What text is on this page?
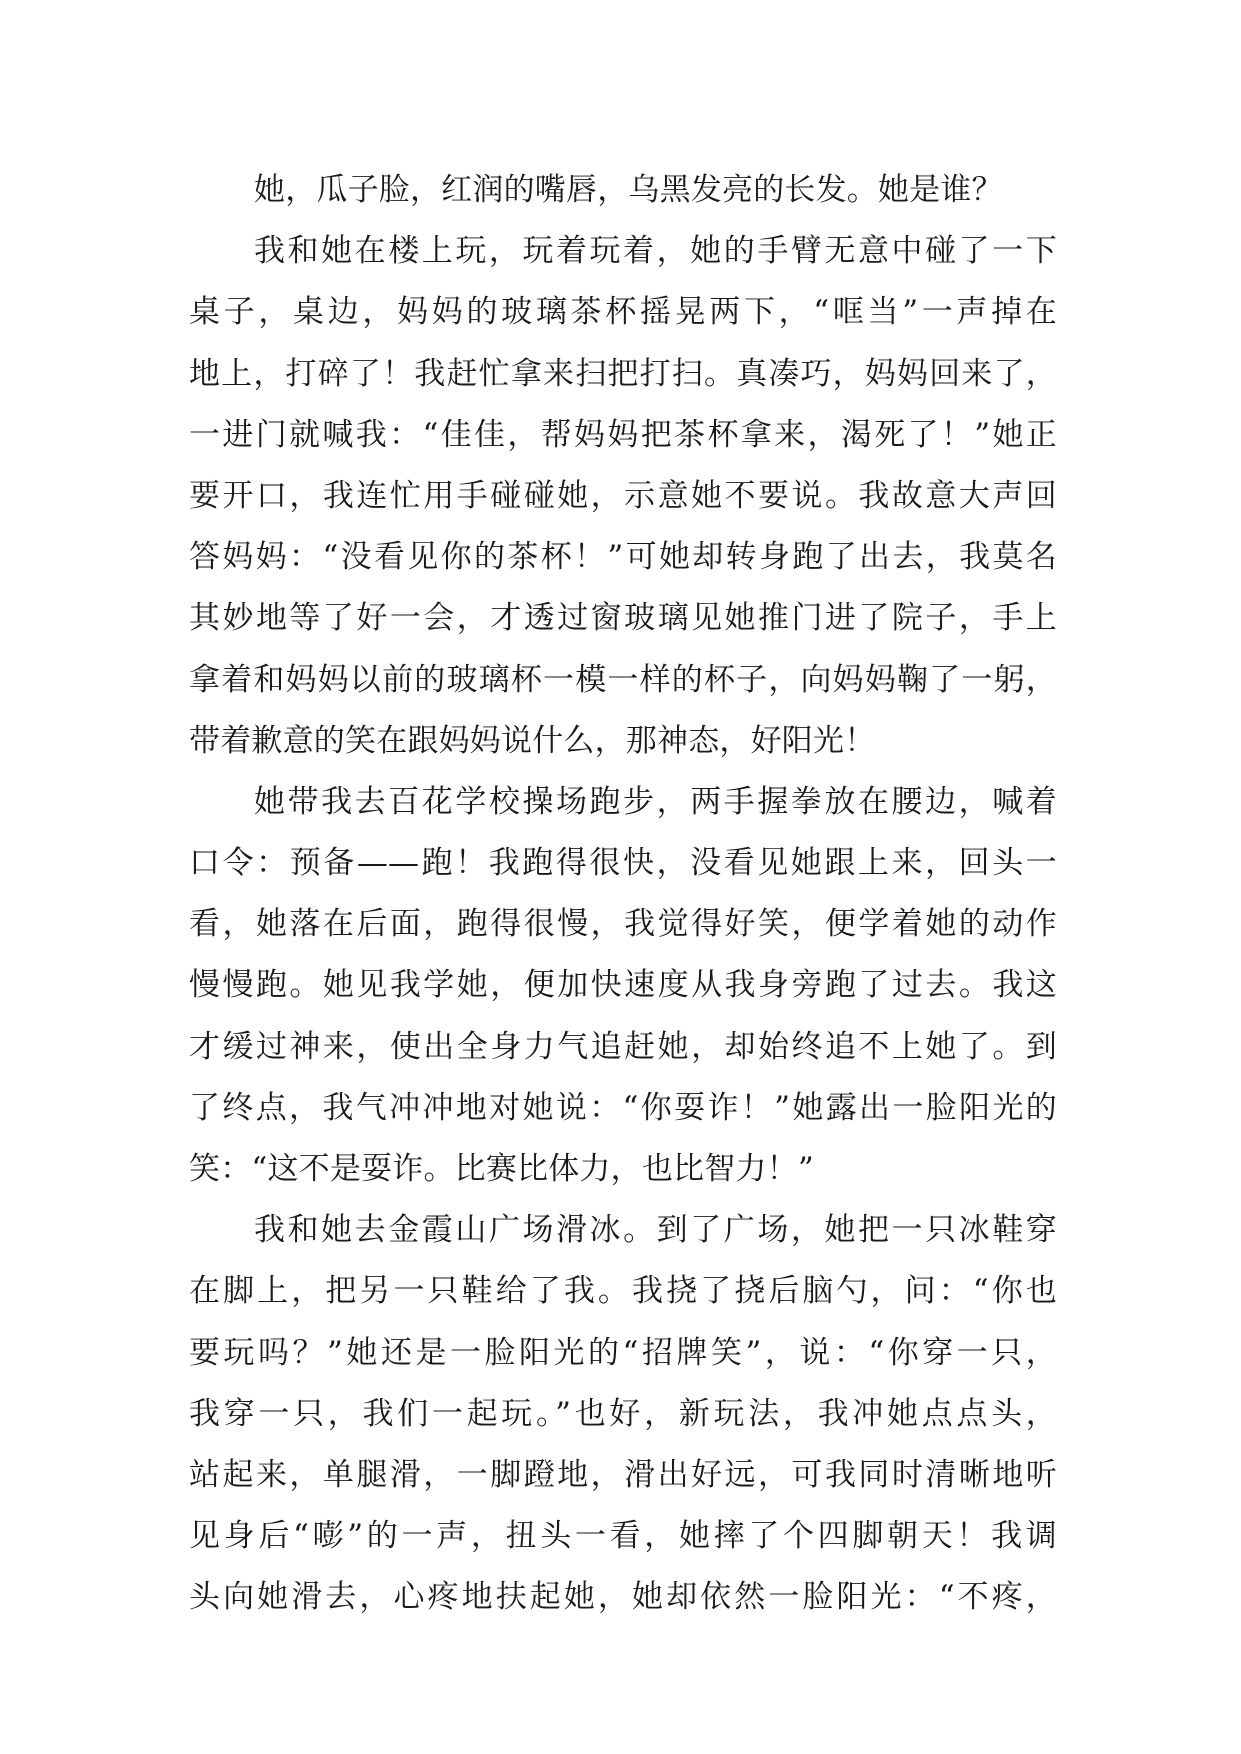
她，瓜子脸，红润的嘴唇，乌黑发亮的长发。她是谁？
我和她在楼上玩，玩着玩着，她的手臂无意中碰了一下
桌子，桌边，妈妈的玻璃茶杯摇晃两下，“哐当”一声掉在
地上，打碎了！我赶忙拿来扫把打扫。真凑巧，妈妈回来了，
一进门就喊我：“佳佳，帮妈妈把茶杯拿来，渴死了！”她正
要开口，我连忙用手碰碰她，示意她不要说。我故意大声回
答妈妈：“没看见你的茶杯！”可她却转身跑了出去，我莫名
其妙地等了好一会，才透过窗玻璃见她推门进了院子，手上
拿着和妈妈以前的玻璃杯一模一样的杯子，向妈妈鞠了一躬，
带着歉意的笑在跟妈妈说什么，那神态，好阳光！
她带我去百花学校操场跑步，两手握拳放在腰边，喊着
口令：预备——跑！我跑得很快，没看见她跟上来，回头一
看，她落在后面，跑得很慢，我觉得好笑，便学着她的动作
慢慢跑。她见我学她，便加快速度从我身旁跑了过去。我这
才缓过神来，使出全身力气追赶她，却始终追不上她了。到
了终点，我气冲冲地对她说：“你耍诈！”她露出一脸阳光的
笑：“这不是耍诈。比赛比体力，也比智力！”
我和她去金霞山广场滑冰。到了广场，她把一只冰鞋穿
在脚上，把另一只鞋给了我。我挠了挠后脑勺，问：“你也
要玩吗？”她还是一脸阳光的“招牌笑”，说：“你穿一只，
我穿一只，我们一起玩。”也好，新玩法，我冲她点点头，
站起来，单腿滑，一脚蹬地，滑出好远，可我同时清晰地听
见身后“嘭”的一声，扭头一看，她摔了个四脚朝天！我调
头向她滑去，心疼地扶起她，她却依然一脸阳光：“不疼，
